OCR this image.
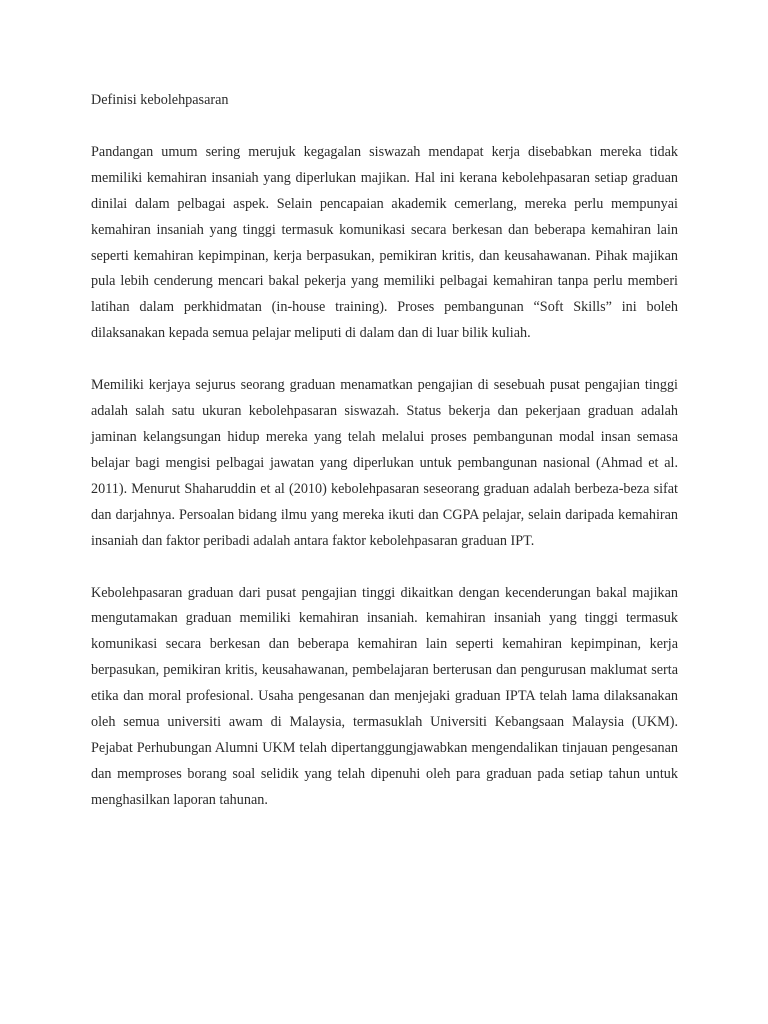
Definisi kebolehpasaran

Pandangan umum sering merujuk kegagalan siswazah mendapat kerja disebabkan mereka tidak memiliki kemahiran insaniah yang diperlukan majikan. Hal ini kerana kebolehpasaran setiap graduan dinilai dalam pelbagai aspek. Selain pencapaian akademik cemerlang, mereka perlu mempunyai kemahiran insaniah yang tinggi termasuk komunikasi secara berkesan dan beberapa kemahiran lain seperti kemahiran kepimpinan, kerja berpasukan, pemikiran kritis, dan keusahawanan. Pihak majikan pula lebih cenderung mencari bakal pekerja yang memiliki pelbagai kemahiran tanpa perlu memberi latihan dalam perkhidmatan (in-house training). Proses pembangunan “Soft Skills” ini boleh dilaksanakan kepada semua pelajar meliputi di dalam dan di luar bilik kuliah.

Memiliki kerjaya sejurus seorang graduan menamatkan pengajian di sesebuah pusat pengajian tinggi adalah salah satu ukuran kebolehpasaran siswazah. Status bekerja dan pekerjaan graduan adalah jaminan kelangsungan hidup mereka yang telah melalui proses pembangunan modal insan semasa belajar bagi mengisi pelbagai jawatan yang diperlukan untuk pembangunan nasional (Ahmad et al. 2011). Menurut Shaharuddin et al (2010) kebolehpasaran seseorang graduan adalah berbeza-beza sifat dan darjahnya. Persoalan bidang ilmu yang mereka ikuti dan CGPA pelajar, selain daripada kemahiran insaniah dan faktor peribadi adalah antara faktor kebolehpasaran graduan IPT.

Kebolehpasaran graduan dari pusat pengajian tinggi dikaitkan dengan kecenderungan bakal majikan mengutamakan graduan memiliki kemahiran insaniah. kemahiran insaniah yang tinggi termasuk komunikasi secara berkesan dan beberapa kemahiran lain seperti kemahiran kepimpinan, kerja berpasukan, pemikiran kritis, keusahawanan, pembelajaran berterusan dan pengurusan maklumat serta etika dan moral profesional. Usaha pengesanan dan menjejaki graduan IPTA telah lama dilaksanakan oleh semua universiti awam di Malaysia, termasuklah Universiti Kebangsaan Malaysia (UKM). Pejabat Perhubungan Alumni UKM telah dipertanggungjawabkan mengendalikan tinjauan pengesanan dan memproses borang soal selidik yang telah dipenuhi oleh para graduan pada setiap tahun untuk menghasilkan laporan tahunan.
